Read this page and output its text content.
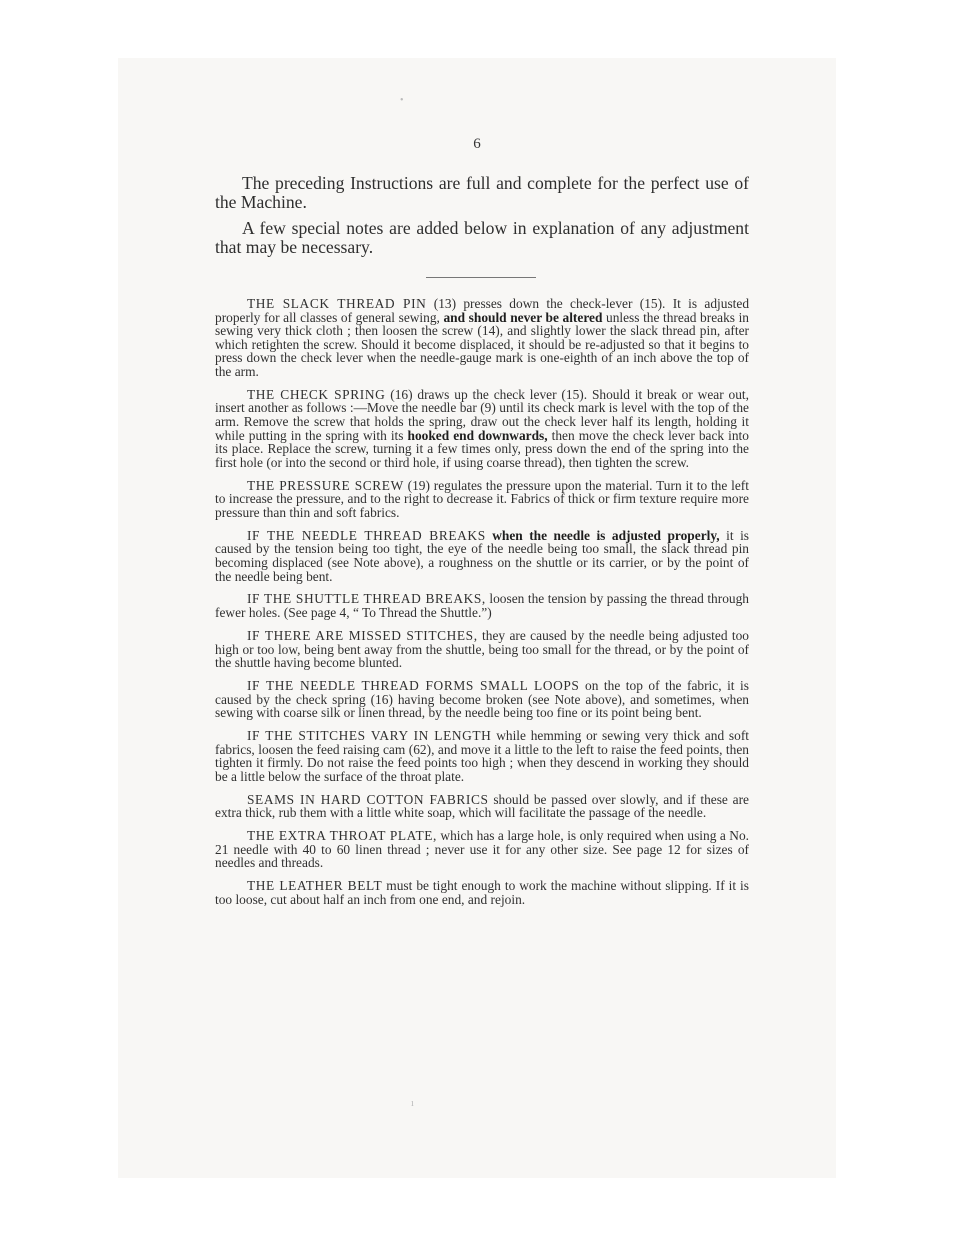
•
ı
6

The preceding Instructions are full and complete for the perfect use of the Machine.

A few special notes are added below in explanation of any adjustment that may be necessary.

THE SLACK THREAD PIN (13) presses down the check-lever (15). It is adjusted properly for all classes of general sewing, and should never be altered unless the thread breaks in sewing very thick cloth ; then loosen the screw (14), and slightly lower the slack thread pin, after which retighten the screw. Should it become displaced, it should be re-adjusted so that it begins to press down the check lever when the needle-gauge mark is one-eighth of an inch above the top of the arm.

THE CHECK SPRING (16) draws up the check lever (15). Should it break or wear out, insert another as follows :—Move the needle bar (9) until its check mark is level with the top of the arm. Remove the screw that holds the spring, draw out the check lever half its length, holding it while putting in the spring with its hooked end downwards, then move the check lever back into its place. Replace the screw, turning it a few times only, press down the end of the spring into the first hole (or into the second or third hole, if using coarse thread), then tighten the screw.

THE PRESSURE SCREW (19) regulates the pressure upon the material. Turn it to the left to increase the pressure, and to the right to decrease it. Fabrics of thick or firm texture require more pressure than thin and soft fabrics.

IF THE NEEDLE THREAD BREAKS when the needle is adjusted properly, it is caused by the tension being too tight, the eye of the needle being too small, the slack thread pin becoming displaced (see Note above), a roughness on the shuttle or its carrier, or by the point of the needle being bent.

IF THE SHUTTLE THREAD BREAKS, loosen the tension by passing the thread through fewer holes. (See page 4, “ To Thread the Shuttle.”)

IF THERE ARE MISSED STITCHES, they are caused by the needle being adjusted too high or too low, being bent away from the shuttle, being too small for the thread, or by the point of the shuttle having become blunted.

IF THE NEEDLE THREAD FORMS SMALL LOOPS on the top of the fabric, it is caused by the check spring (16) having become broken (see Note above), and sometimes, when sewing with coarse silk or linen thread, by the needle being too fine or its point being bent.

IF THE STITCHES VARY IN LENGTH while hemming or sewing very thick and soft fabrics, loosen the feed raising cam (62), and move it a little to the left to raise the feed points, then tighten it firmly. Do not raise the feed points too high ; when they descend in working they should be a little below the surface of the throat plate.

SEAMS IN HARD COTTON FABRICS should be passed over slowly, and if these are extra thick, rub them with a little white soap, which will facilitate the passage of the needle.

THE EXTRA THROAT PLATE, which has a large hole, is only required when using a No. 21 needle with 40 to 60 linen thread ; never use it for any other size. See page 12 for sizes of needles and threads.

THE LEATHER BELT must be tight enough to work the machine without slipping. If it is too loose, cut about half an inch from one end, and rejoin.
